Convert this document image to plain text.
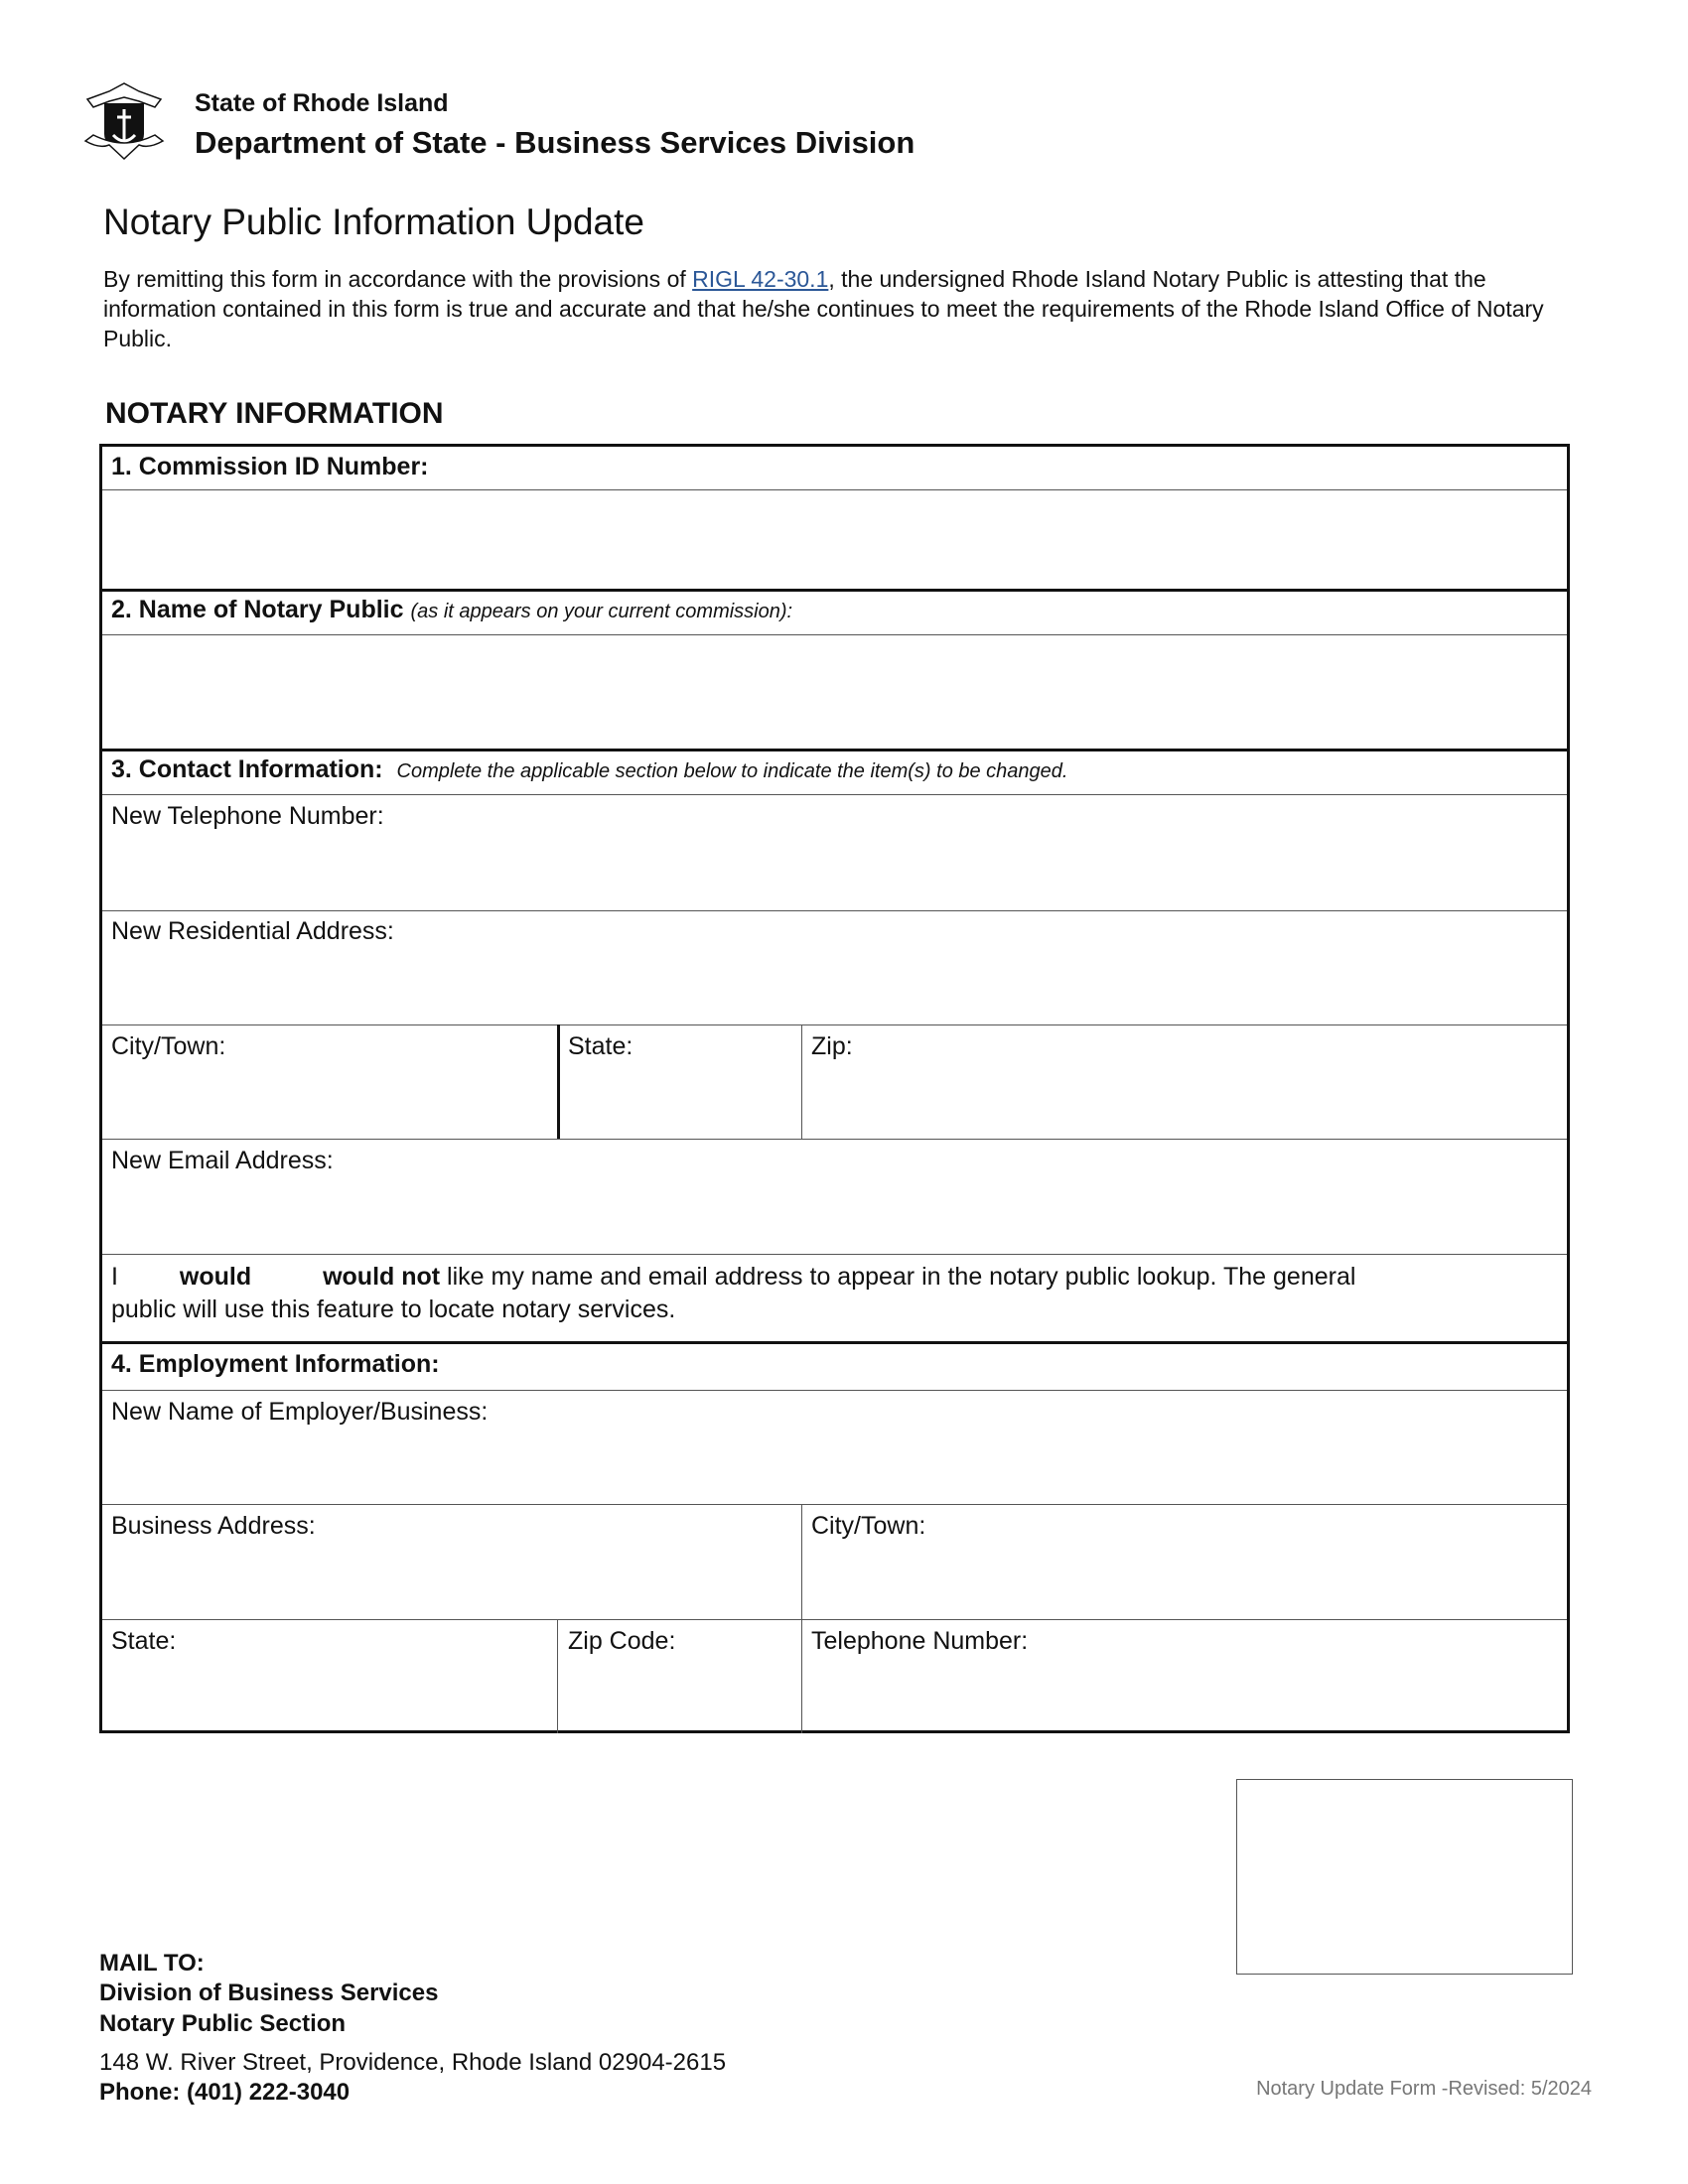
State of Rhode Island
Department of State - Business Services Division
Notary Public Information Update
By remitting this form in accordance with the provisions of RIGL 42-30.1, the undersigned Rhode Island Notary Public is attesting that the information contained in this form is true and accurate and that he/she continues to meet the requirements of the Rhode Island Office of Notary Public.
NOTARY INFORMATION
1. Commission ID Number:
2. Name of Notary Public (as it appears on your current commission):
3. Contact Information: Complete the applicable section below to indicate the item(s) to be changed.
New Telephone Number:
New Residential Address:
City/Town:	State:	Zip:
New Email Address:
I would	would not like my name and email address to appear in the notary public lookup. The general
public will use this feature to locate notary services.
4. Employment Information:
New Name of Employer/Business:
Business Address:	City/Town:
State:	Zip Code:	Telephone Number:
MAIL TO:
Division of Business Services
Notary Public Section
148 W. River Street, Providence, Rhode Island 02904-2615
Phone: (401) 222-3040	Notary Update Form -Revised: 5/2024
